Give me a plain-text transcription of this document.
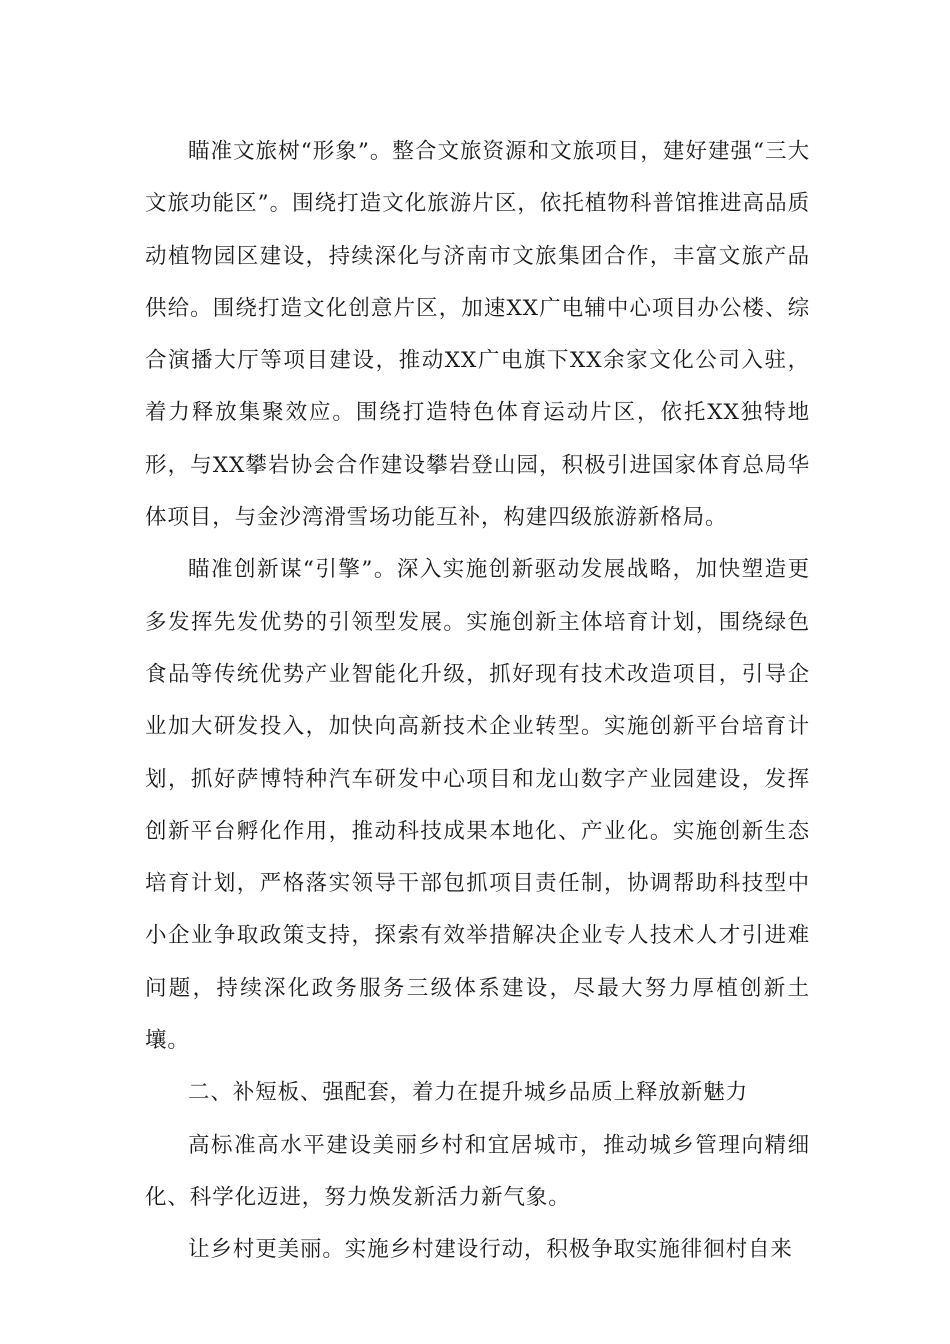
瞄准文旅树“形象”。整合文旅资源和文旅项目，建好建强“三大文旅功能区”。围绕打造文化旅游片区，依托植物科普馆推进高品质动植物园区建设，持续深化与济南市文旅集团合作，丰富文旅产品供给。围绕打造文化创意片区，加速XX广电辅中心项目办公楼、综合演播大厅等项目建设，推动XX广电旗下XX余家文化公司入驻，着力释放集聚效应。围绕打造特色体育运动片区，依托XX独特地形，与XX攀岩协会合作建设攀岩登山园，积极引进国家体育总局华体项目，与金沙湾滑雪场功能互补，构建四级旅游新格局。

瞄准创新谋“引擎”。深入实施创新驱动发展战略，加快塑造更多发挥先发优势的引领型发展。实施创新主体培育计划，围绕绿色食品等传统优势产业智能化升级，抓好现有技术改造项目，引导企业加大研发投入，加快向高新技术企业转型。实施创新平台培育计划，抓好萨博特种汽车研发中心项目和龙山数字产业园建设，发挥创新平台孵化作用，推动科技成果本地化、产业化。实施创新生态培育计划，严格落实领导干部包抓项目责任制，协调帮助科技型中小企业争取政策支持，探索有效举措解决企业专人技术人才引进难问题，持续深化政务服务三级体系建设，尽最大努力厚植创新土壤。

二、补短板、强配套，着力在提升城乡品质上释放新魅力

高标准高水平建设美丽乡村和宜居城市，推动城乡管理向精细化、科学化迈进，努力焕发新活力新气象。

让乡村更美丽。实施乡村建设行动，积极争取实施徘徊村自来
